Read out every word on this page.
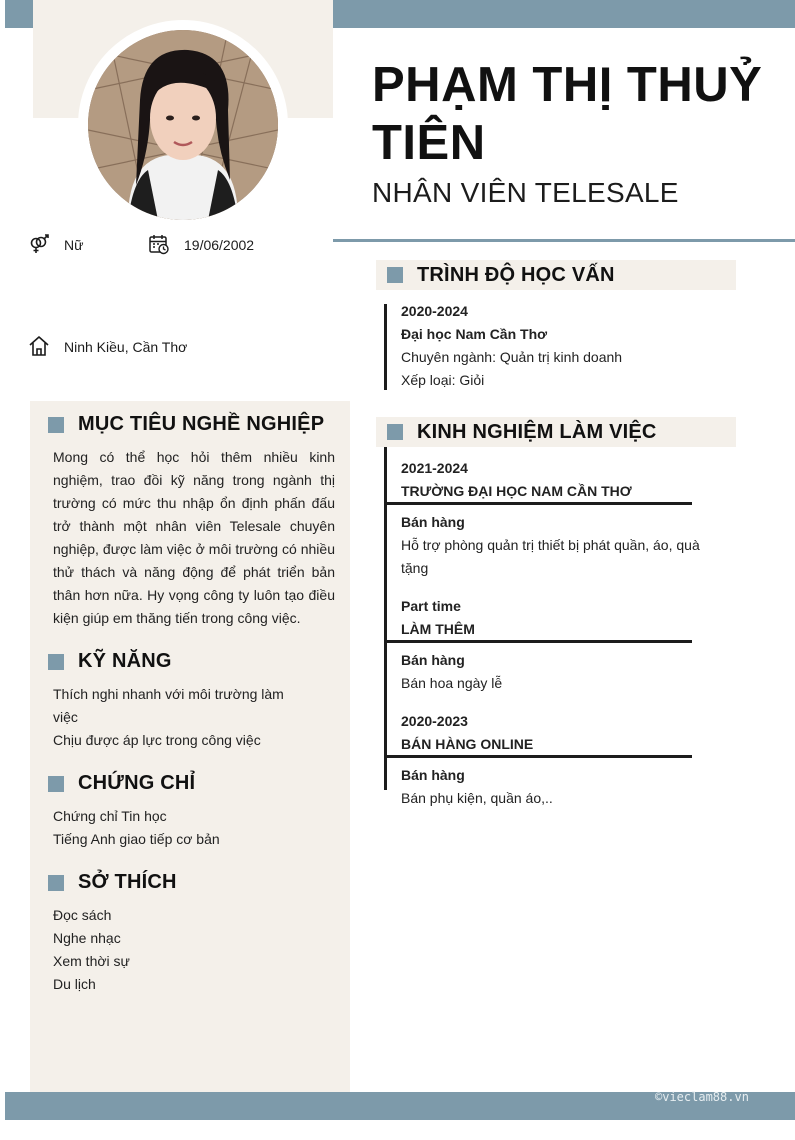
PHẠM THỊ THUỶ TIÊN
NHÂN VIÊN TELESALE
Nữ	19/06/2002
Ninh Kiều, Cần Thơ
MỤC TIÊU NGHỀ NGHIỆP
Mong có thể học hỏi thêm nhiều kinh nghiệm, trao đồi kỹ năng trong ngành thị trường có mức thu nhập ổn định phấn đấu trở thành một nhân viên Telesale chuyên nghiệp, được làm việc ở môi trường có nhiều thử thách và năng động để phát triển bản thân hơn nữa. Hy vọng công ty luôn tạo điều kiện giúp em thăng tiến trong công việc.
KỸ NĂNG
Thích nghi nhanh với môi trường làm việc
Chịu được áp lực trong công việc
CHỨNG CHỈ
Chứng chỉ Tin học
Tiếng Anh giao tiếp cơ bản
SỞ THÍCH
Đọc sách
Nghe nhạc
Xem thời sự
Du lịch
TRÌNH ĐỘ HỌC VẤN
2020-2024
Đại học Nam Cần Thơ
Chuyên ngành: Quản trị kinh doanh
Xếp loại: Giỏi
KINH NGHIỆM LÀM VIỆC
2021-2024
TRƯỜNG ĐẠI HỌC NAM CẦN THƠ
Bán hàng
Hỗ trợ phòng quản trị thiết bị phát quần, áo, quà tặng
Part time
LÀM THÊM
Bán hàng
Bán hoa ngày lễ
2020-2023
BÁN HÀNG ONLINE
Bán hàng
Bán phụ kiện, quần áo,..
©vieclam88.vn
